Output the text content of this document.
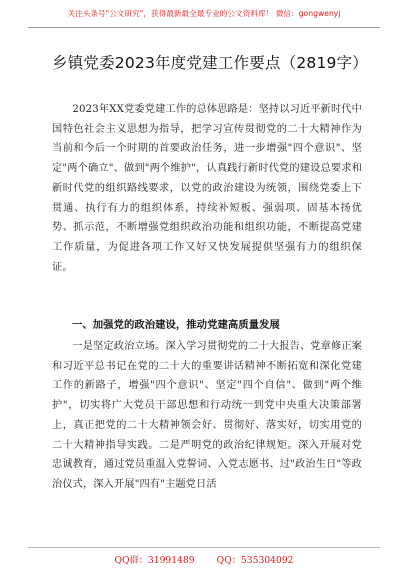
关注头条号"公文研究"，获得最新最全最专业的公文资料库！ 微信：gongwenyj
乡镇党委2023年度党建工作要点（2819字）
2023年XX党委党建工作的总体思路是：坚持以习近平新时代中国特色社会主义思想为指导，把学习宣传贯彻党的二十大精神作为当前和今后一个时期的首要政治任务，进一步增强"四个意识"、坚定"两个确立"、做到"两个维护"，认真践行新时代党的建设总要求和新时代党的组织路线要求，以党的政治建设为统领，围绕党委上下贯通、执行有力的组织体系，持续补短板、强弱项、固基本扬优势、抓示范，不断增强党组织政治功能和组织功能，不断提高党建工作质量，为促进各项工作又好又快发展提供坚强有力的组织保证。
一、加强党的政治建设，推动党建高质量发展
一是坚定政治立场。深入学习贯彻党的二十大报告、党章修正案和习近平总书记在党的二十大的重要讲话精神不断拓宽和深化党建工作的新路子，增强"四个意识"、坚定"四个自信"、做到"两个维护"，切实将广大党员干部思想和行动统一到党中央重大决策部署上，真正把党的二十大精神领会好、贯彻好、落实好，切实用党的二十大精神指导实践。二是严明党的政治纪律规矩。深入开展对党忠诚教育，通过党员重温入党誓词、入党志愿书、过"政治生日"等政治仪式，深入开展"四有"主题党日活
QQ群：31991489 QQ：535304092
